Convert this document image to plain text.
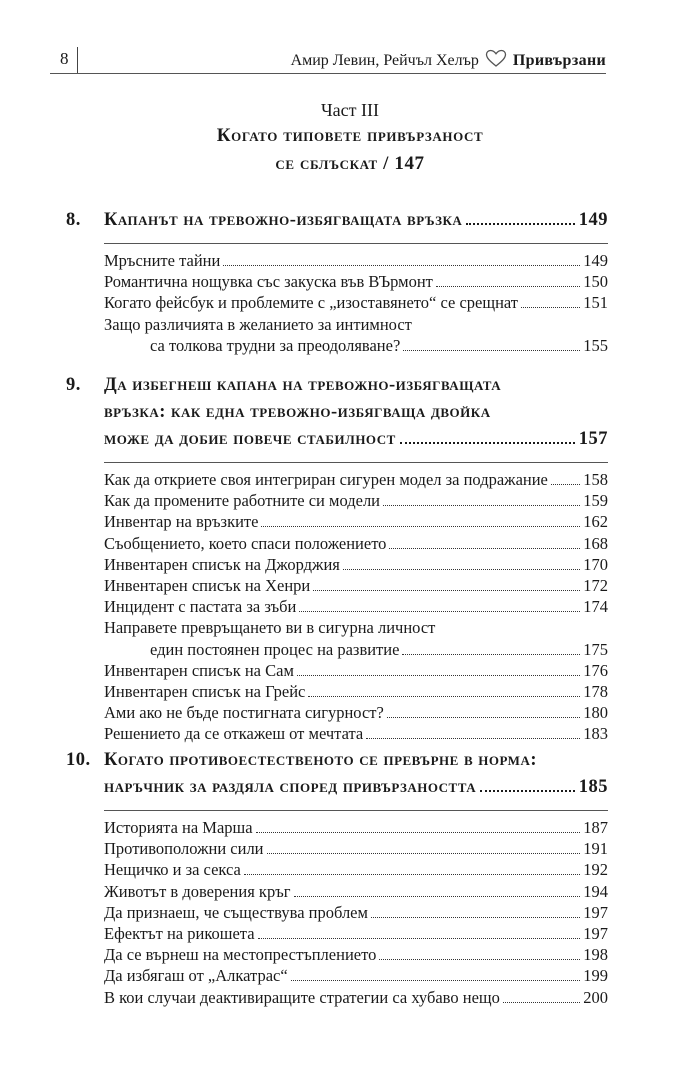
8	Амир Левин, Рейчъл Хелър Привързани
Част III
Когато типовете привързаност
се сблъскат / 147
8. Капанът на тревожно-избягващата връзка	149
Мръсните тайни	149
Романтична нощувка със закуска във ВЪрмонт	150
Когато фейсбук и проблемите с „изоставянето“ се срещнат	151
Защо различията в желанието за интимност
са толкова трудни за преодоляване?	155
9. Да избегнеш капана на тревожно-избягващата
връзка: как една тревожно-избягваща двойка
може да добие повече стабилност	157
Как да откриете своя интегриран сигурен модел за подражание 158
Как да промените работните си модели	159
Инвентар на връзките	162
Съобщението, което спаси положението	168
Инвентарен списък на Джорджия	170
Инвентарен списък на Хенри	172
Инцидент с пастата за зъби	174
Направете превръщането ви в сигурна личност
един постоянен процес на развитие	175
Инвентарен списък на Сам	176
Инвентарен списък на Грейс	178
Ами ако не бъде постигната сигурност?	180
Решението да се откажеш от мечтата	183
10. Когато противоестественото се превърне в норма:
наръчник за раздяла според привързаността	185
Историята на Марша	187
Противоположни сили	191
Нещичко и за секса	192
Животът в доверения кръг	194
Да признаеш, че съществува проблем	197
Ефектът на рикошета	197
Да се върнеш на местопрестъплението	198
Да избягаш от „Алкатрас“	199
В кои случаи деактивиращите стратегии са хубаво нещо	200
